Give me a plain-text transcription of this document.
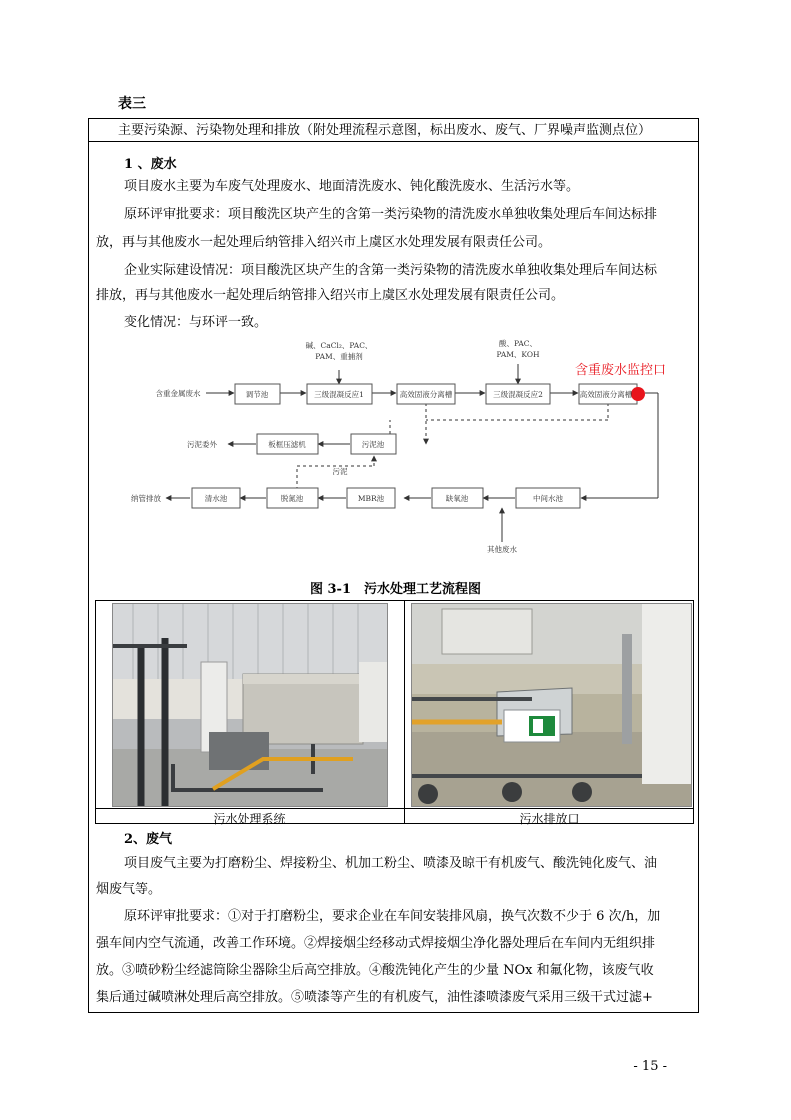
表三
主要污染源、污染物处理和排放（附处理流程示意图，标出废水、废气、厂界噪声监测点位）
1 、废水
项目废水主要为车废气处理废水、地面清洗废水、钝化酸洗废水、生活污水等。
原环评审批要求：项目酸洗区块产生的含第一类污染物的清洗废水单独收集处理后车间达标排
放，再与其他废水一起处理后纳管排入绍兴市上虞区水处理发展有限责任公司。
企业实际建设情况：项目酸洗区块产生的含第一类污染物的清洗废水单独收集处理后车间达标
排放，再与其他废水一起处理后纳管排入绍兴市上虞区水处理发展有限责任公司。
变化情况：与环评一致。
碱、CaCl₂、PAC、
PAM、重捕剂
酸、PAC、
PAM、KOH
含重金属废水	调节池	三级混凝反应1	高效固液分离槽	三级混凝反应2	高效固液分离槽
污泥委外	板框压滤机	污泥池
污泥
纳管排放	清水池	脱氮池	MBR池	缺氧池	中间水池
其他废水
含重废水监控口
图 3-1　污水处理工艺流程图
污水处理系统	污水排放口
2、废气
项目废气主要为打磨粉尘、焊接粉尘、机加工粉尘、喷漆及晾干有机废气、酸洗钝化废气、油
烟废气等。
原环评审批要求：①对于打磨粉尘，要求企业在车间安装排风扇，换气次数不少于 6 次/h，加
强车间内空气流通，改善工作环境。②焊接烟尘经移动式焊接烟尘净化器处理后在车间内无组织排
放。③喷砂粉尘经滤筒除尘器除尘后高空排放。④酸洗钝化产生的少量 NOx 和氟化物，该废气收
集后通过碱喷淋处理后高空排放。⑤喷漆等产生的有机废气，油性漆喷漆废气采用三级干式过滤+
- 15 -
